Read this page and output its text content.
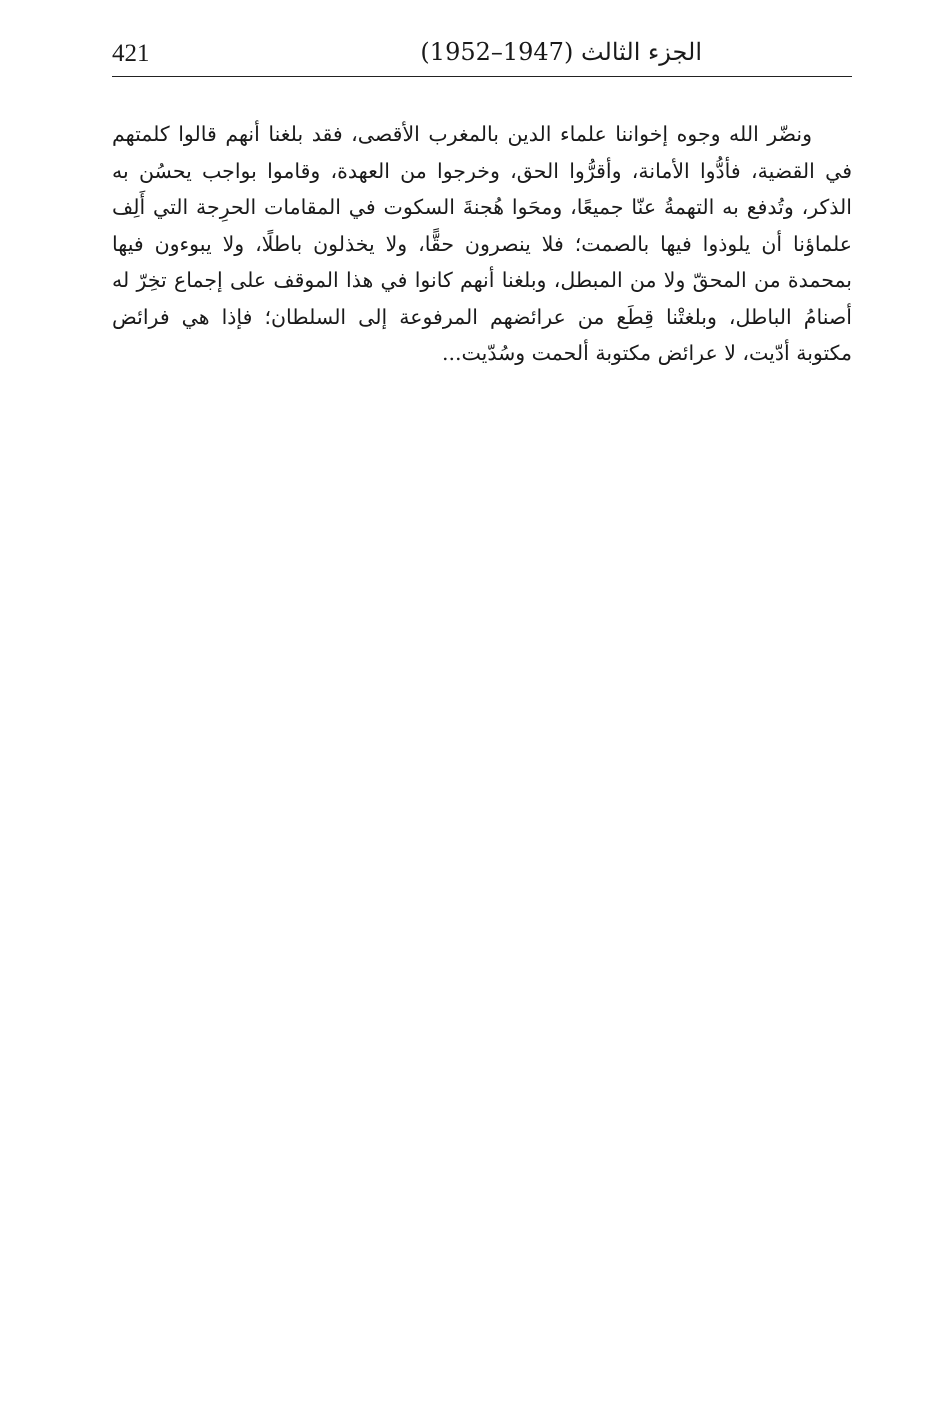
421	الجزء الثالث (1947–1952)

ونضّر الله وجوه إخواننا علماء الدين بالمغرب الأقصى، فقد بلغنا أنهم قالوا كلمتهم في القضية، فأدُّوا الأمانة، وأقرُّوا الحق، وخرجوا من العهدة، وقاموا بواجب يحسُن به الذكر، وتُدفع به التهمةُ عنّا جميعًا، ومحَوا هُجنةَ السكوت في المقامات الحرِجة التي أَلِف علماؤنا أن يلوذوا فيها بالصمت؛ فلا ينصرون حقًّا، ولا يخذلون باطلًا، ولا يبوءون فيها بمحمدة من المحقّ ولا من المبطل، وبلغنا أنهم كانوا في هذا الموقف على إجماع تخِرّ له أصنامُ الباطل، وبلغتْنا قِطَع من عرائضهم المرفوعة إلى السلطان؛ فإذا هي فرائض مكتوبة أدّيت، لا عرائض مكتوبة ألحمت وسُدّيت...
